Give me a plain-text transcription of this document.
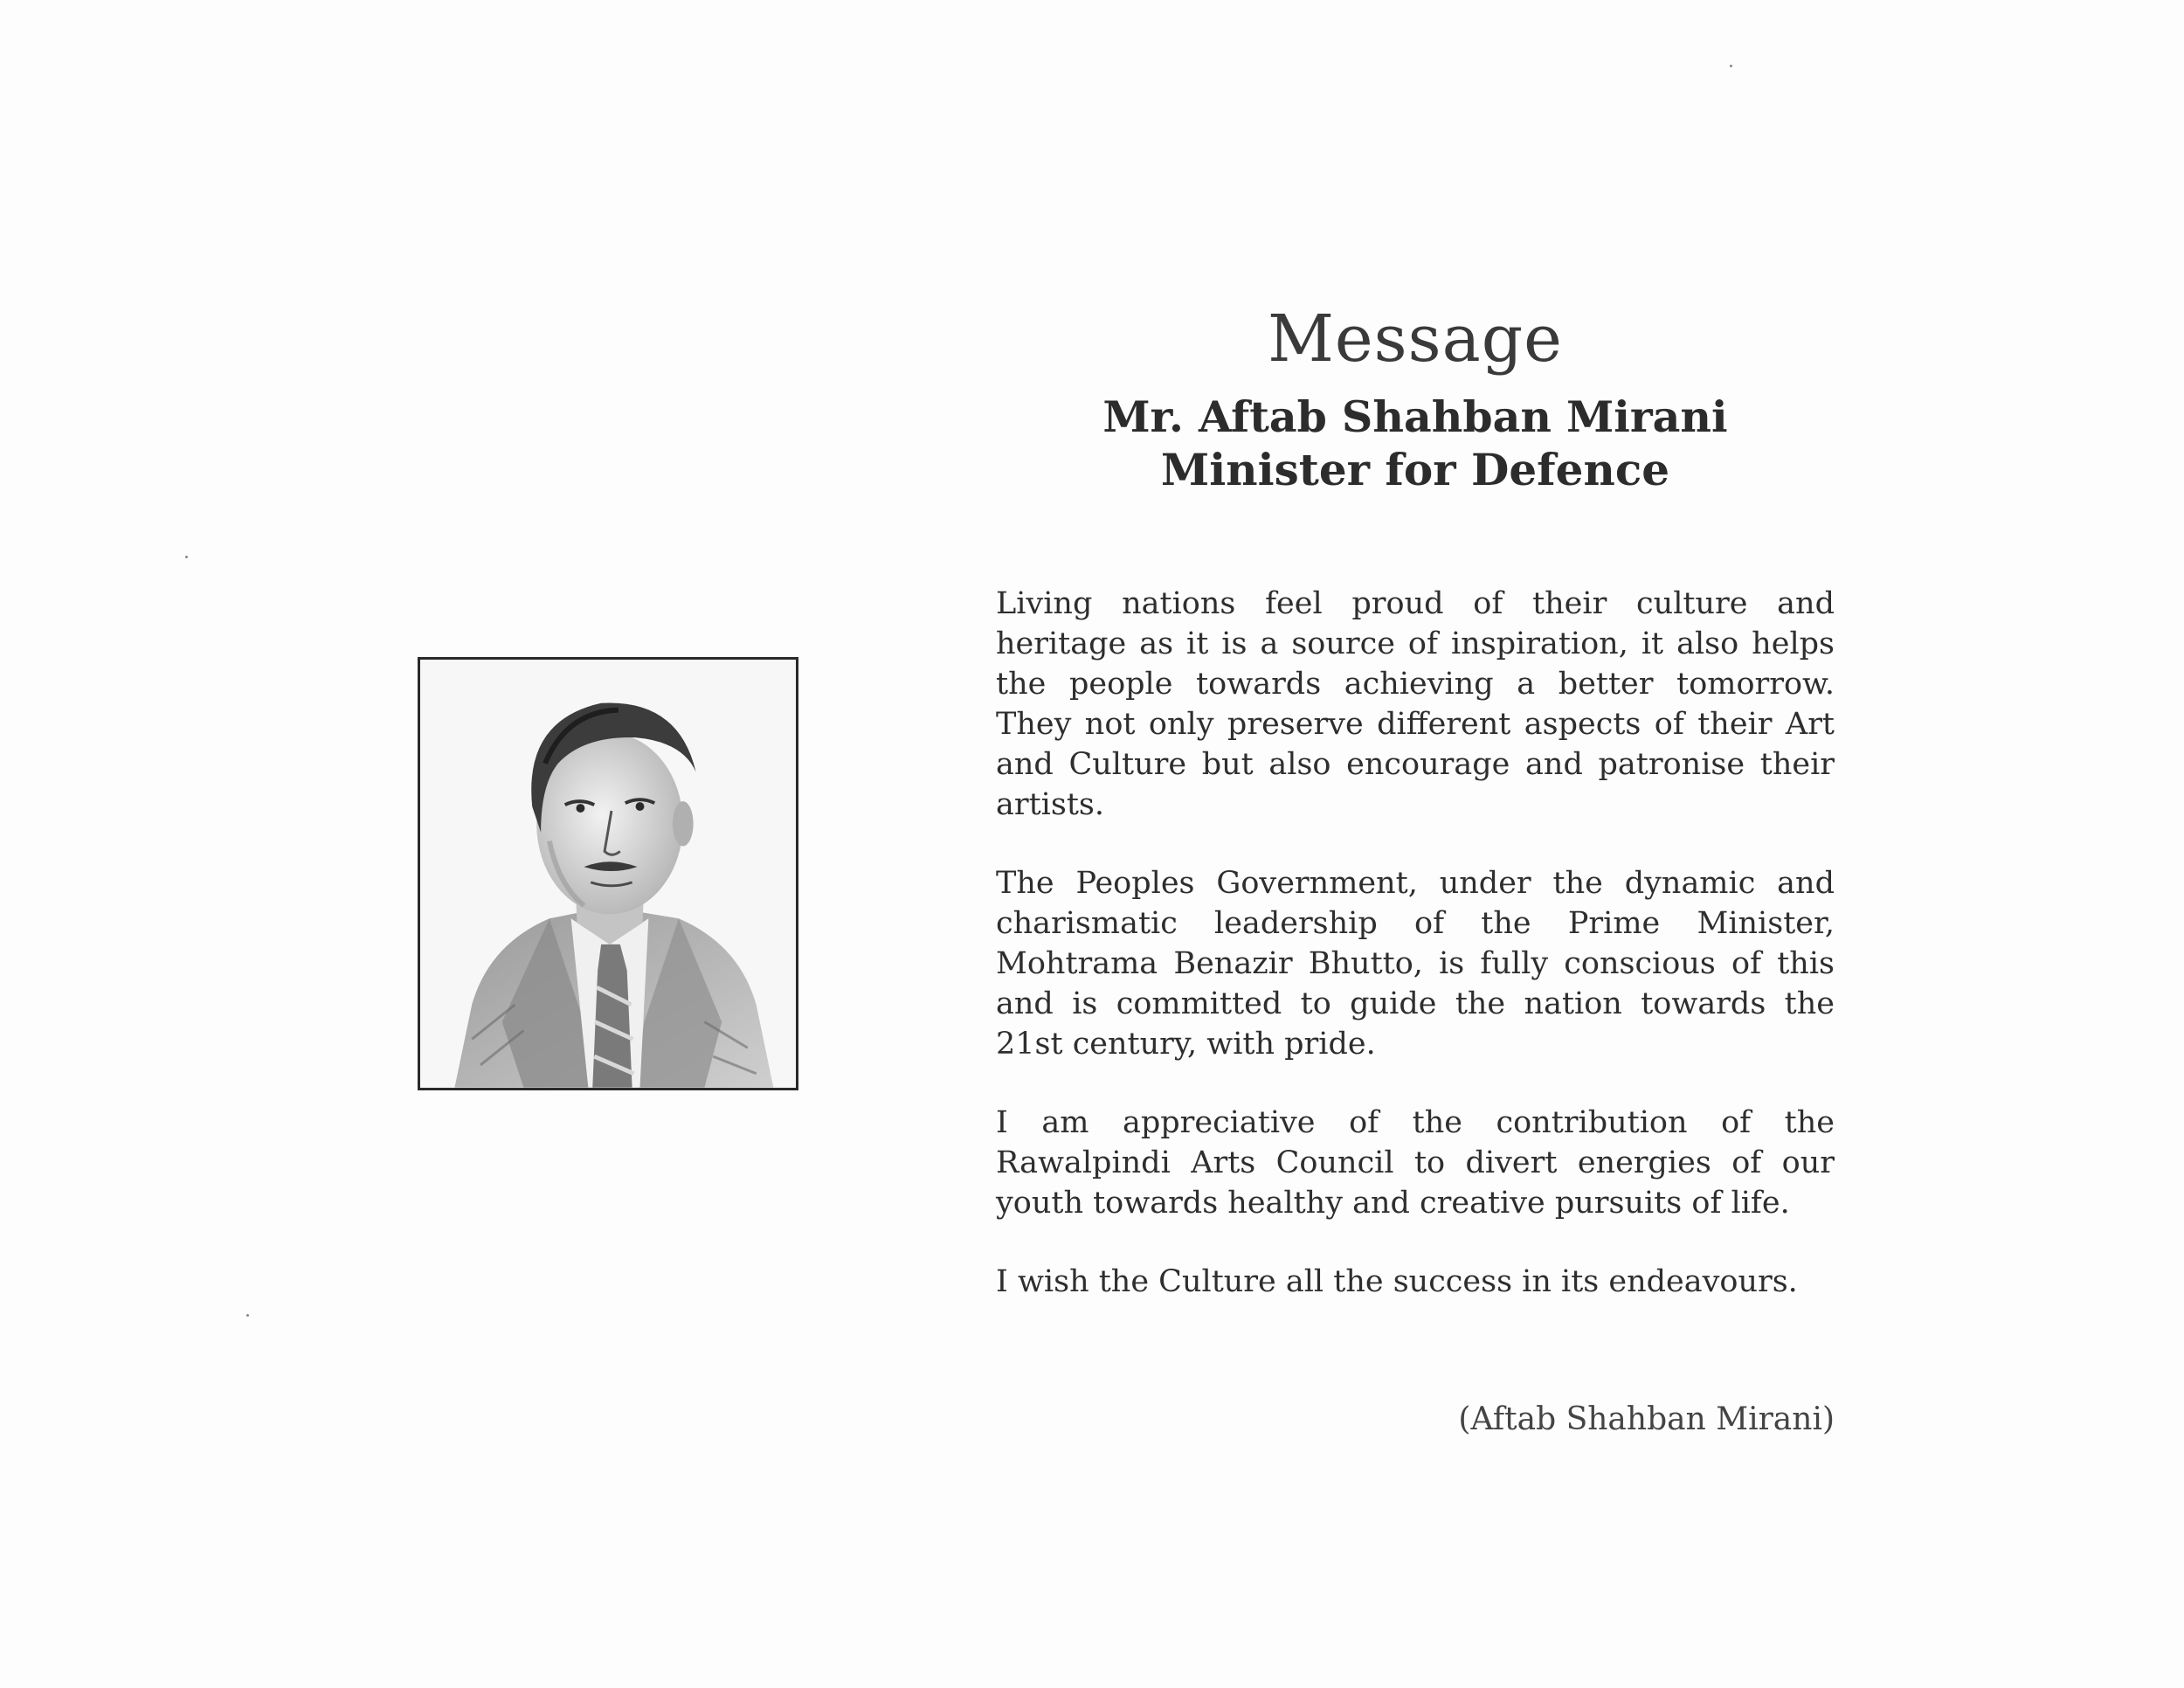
Message
Mr. Aftab Shahban Mirani
Minister for Defence

Living nations feel proud of their culture and heritage as it is a source of inspiration, it also helps the people towards achieving a better tomorrow. They not only preserve different aspects of their Art and Culture but also encourage and patronise their artists.

The Peoples Government, under the dynamic and charismatic leadership of the Prime Minister, Mohtrama Benazir Bhutto, is fully conscious of this and is committed to guide the nation towards the 21st century, with pride.

I am appreciative of the contribution of the Rawalpindi Arts Council to divert energies of our youth towards healthy and creative pursuits of life.

I wish the Culture all the success in its endeavours.

(Aftab Shahban Mirani)
